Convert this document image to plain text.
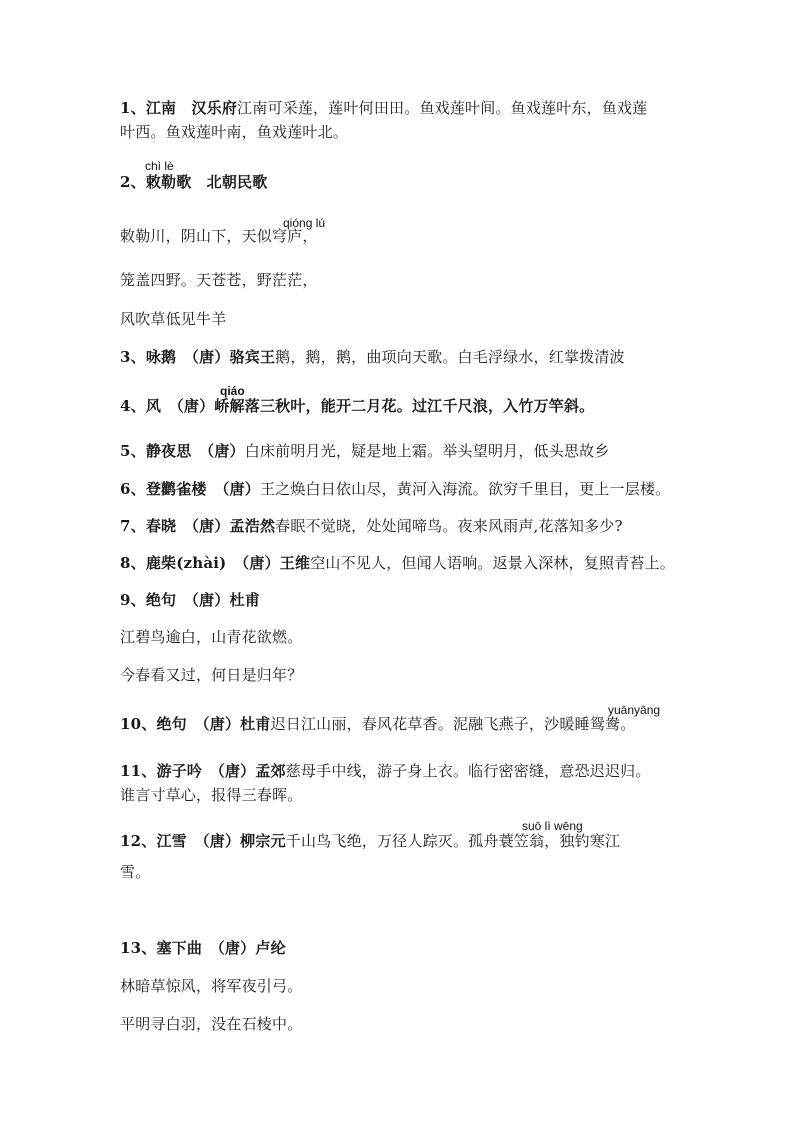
1、江南　汉乐府江南可采莲，莲叶何田田。鱼戏莲叶间。鱼戏莲叶东，鱼戏莲
叶西。鱼戏莲叶南，鱼戏莲叶北。
chì lè
2、敕勒歌　北朝民歌
qióng lú
敕勒川，阴山下，天似穹庐，
笼盖四野。天苍苍，野茫茫，
风吹草低见牛羊
3、咏鹅　（唐）骆宾王鹅，鹅，鹅，曲项向天歌。白毛浮绿水，红掌拨清波
qiáo
4、风　（唐）峤解落三秋叶，能开二月花。过江千尺浪，入竹万竿斜。
5、静夜思　（唐）白床前明月光，疑是地上霜。举头望明月，低头思故乡
6、登鹳雀楼　（唐）王之焕白日依山尽，黄河入海流。欲穷千里目，更上一层楼。
7、春晓　（唐）孟浩然春眠不觉晓，处处闻啼鸟。夜来风雨声,花落知多少?
8、鹿柴(zhài)　（唐）王维空山不见人，但闻人语响。返景入深林，复照青苔上。
9、绝句　（唐）杜甫
江碧鸟逾白，山青花欲燃。
今春看又过，何日是归年？
yuānyāng
10、绝句　（唐）杜甫迟日江山丽，春风花草香。泥融飞燕子，沙暖睡鸳鸯。
11、游子吟　（唐）孟郊慈母手中线，游子身上衣。临行密密缝，意恐迟迟归。
谁言寸草心，报得三春晖。
suō lì wēng
12、江雪　（唐）柳宗元千山鸟飞绝，万径人踪灭。孤舟蓑笠翁，独钓寒江
雪。
13、塞下曲　（唐）卢纶
林暗草惊风，将军夜引弓。
平明寻白羽，没在石棱中。
